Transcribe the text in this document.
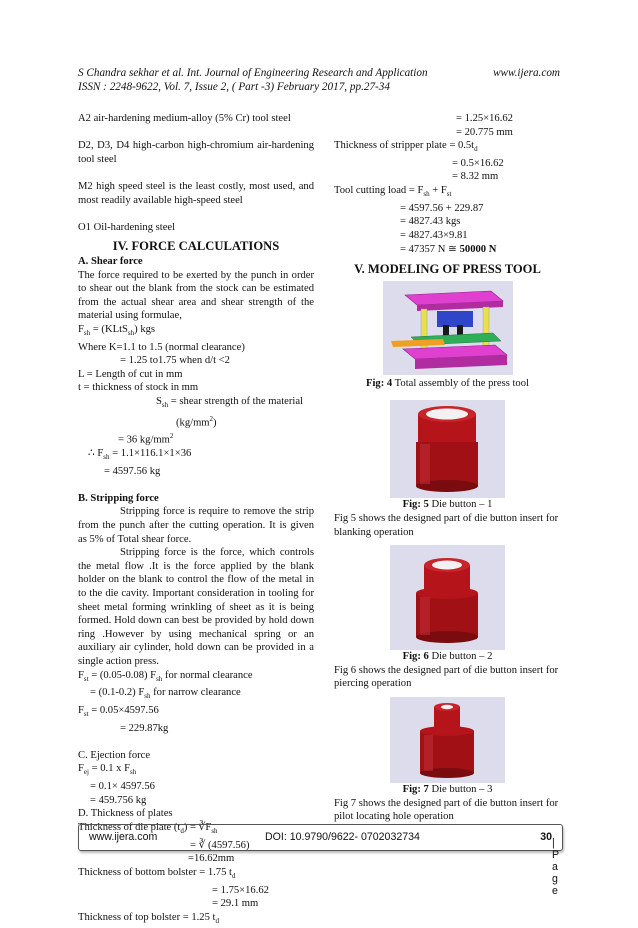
S Chandra sekhar et al. Int. Journal of Engineering Research and Application	www.ijera.com
ISSN : 2248-9622, Vol. 7, Issue 2, ( Part -3) February 2017, pp.27-34

A2 air-hardening medium-alloy (5% Cr) tool steel

D2, D3, D4 high-carbon high-chromium air-hardening tool steel

M2 high speed steel is the least costly, most used, and most readily available high-speed steel

O1 Oil-hardening steel

IV. FORCE CALCULATIONS

A. Shear force

The force required to be exerted by the punch in order to shear out the blank from the stock can be estimated from the actual shear area and shear strength of the material using formulae,

$F_{sh}$ = (KLtS$_{sh}$) kgs

Where K=1.1 to 1.5 (normal clearance)

= 1.25 to1.75 when d/t <2

L = Length of cut in mm

t = thickness of stock in mm

$S_{sh}$ = shear strength of the material

$(kg/mm^2)$

= 36 $kg/mm^2$

∴ $F_{sh} = 1.1\times 116.1\times 1\times 36$

= 4597.56 kg

B. Stripping force

Stripping force is require to remove the strip from the punch after the cutting operation. It is given as 5% of Total shear force.

Stripping force is the force, which controls the metal flow .It is the force applied by the blank holder on the blank to control the flow of the metal in to the die cavity. Important consideration in tooling for sheet metal forming wrinkling of sheet as it is being formed. Hold down can best be provided by hold down ring .However by using mechanical spring or an auxiliary air cylinder, hold down can be provided in a single action press.

$F_{st} = (0.05-0.08)$ $F_{sh}$ for normal clearance

= (0.1-0.2) $F_{sh}$ for narrow clearance

$F_{st} = 0.05\times 4597.56$

= 229.87kg

C. Ejection force

$F_{ej} = 0.1$ x $F_{sh}$

= 0.1× 4597.56

= 459.756 kg

D. Thickness of plates

Thickness of die plate $(t_d)$ = $∛F_{sh}$

= ∛ (4597.56)

=16.62mm

Thickness of bottom bolster = 1.75 $t_d$

= 1.75×16.62

= 29.1 mm

Thickness of top bolster = 1.25 $t_d$

= 1.25×16.62

= 20.775 mm

Thickness of stripper plate = $0.5t_d$

= 0.5×16.62

= 8.32 mm

Tool cutting load = $F_{sh} + F_{st}$

= 4597.56 + 229.87

= 4827.43 kgs

= 4827.43×9.81

= 47357 N ≅ 50000 N

V. MODELING OF PRESS TOOL

Fig: 4 Total assembly of the press tool

Fig: 5 Die button – 1

Fig 5 shows the designed part of die button insert for blanking operation

Fig: 6 Die button – 2

Fig 6 shows the designed part of die button insert for piercing operation

Fig: 7 Die button – 3

Fig 7 shows the designed part of die button insert for pilot locating hole operation

www.ijera.com	DOI: 10.9790/9622- 0702032734	30 | P a g e
